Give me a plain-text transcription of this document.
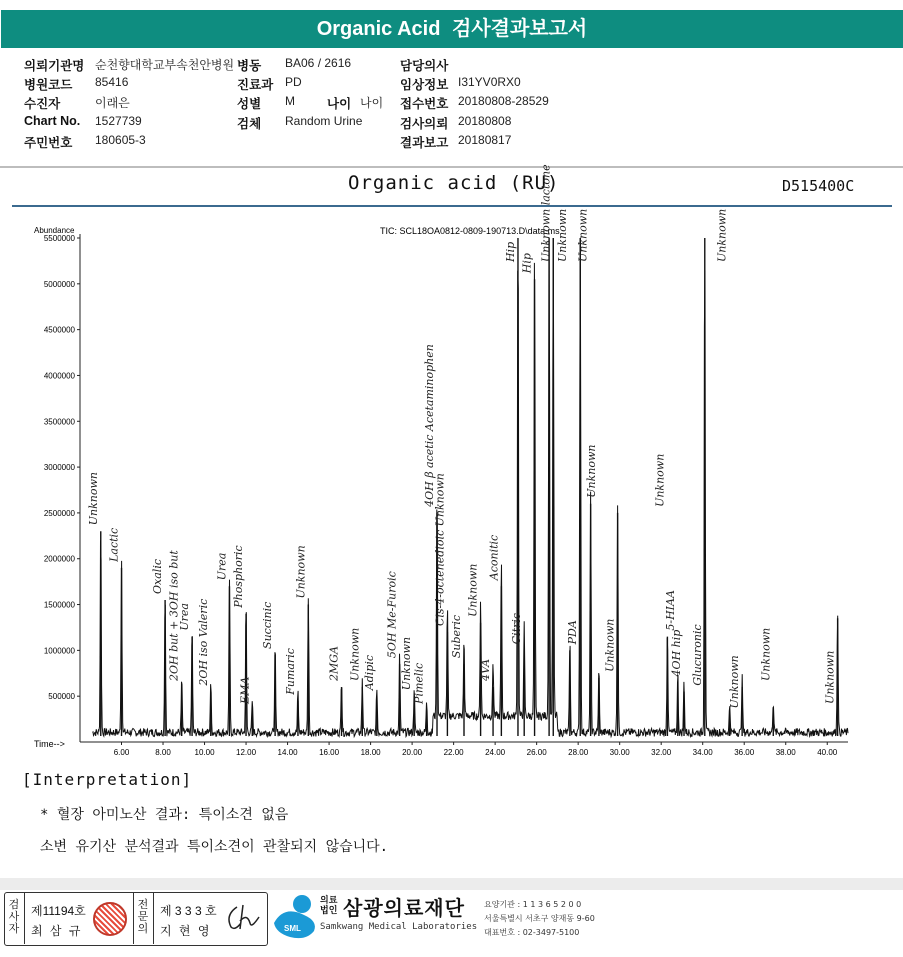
Organic Acid 검사결과보고서
의뢰기관명 순천향대학교부속천안병원 병동 BA06 / 2616	담당의사
병원코드 85416	진료과 PD	임상정보 I31YV0RX0
수진자	이래은	성별 M	나이 나이 접수번호 20180808-28529
Chart No. 1527739	검체 Random Urine	검사의뢰 20180808
주민번호 180605-3	결과보고 20180817
Organic acid (RU)	D515400C
Abundance
Time-->
TIC: SCL18OA0812-0809-190713.D\data.ms
500000
1000000
1500000
2000000
2500000
3000000
3500000
4000000
4500000
5000000
5500000
6.00	8.00	10.00	12.00	14.00	16.00	18.00	20.00	22.00	24.00	26.00	28.00	30.00	32.00	34.00	36.00	38.00	40.00
Unknown
Lactic
Oxalic 2OH but + 3OH iso but
Urea 2OH iso Valeric
Urea Phosphoric
EMA
Succinic
Fumaric
Unknown
2MGA Unknown Adipic
5OH Me-Furoic
Unknown Pimelic
4OH β acetic Acetaminophen
Cis-4-octenedioic Unknown
Suberic
Unknown
4VA
Aconitic
Hip
Citric
Hip
Unknown lactone Unknown
PDA
Unknown
Unknown
Unknown
Unknown
5-HIAA
4OH hip Glucuronic
Unknown
Unknown
Unknown	Unknown
[Interpretation]
* 혈장 아미노산 결과: 특이소견 없음
소변 유기산 분석결과 특이소견이 관찰되지 않습니다.
검사자
제11194호
최 삼 규
전문의
제 3 3 3 호
지 현 영	SML
의료법인 삼광의료재단
Samkwang Medical Laboratories
요양기관 : 1 1 3 6 5 2 0 0
서울특별시 서초구 양재동 9-60
대표번호 : 02-3497-5100
